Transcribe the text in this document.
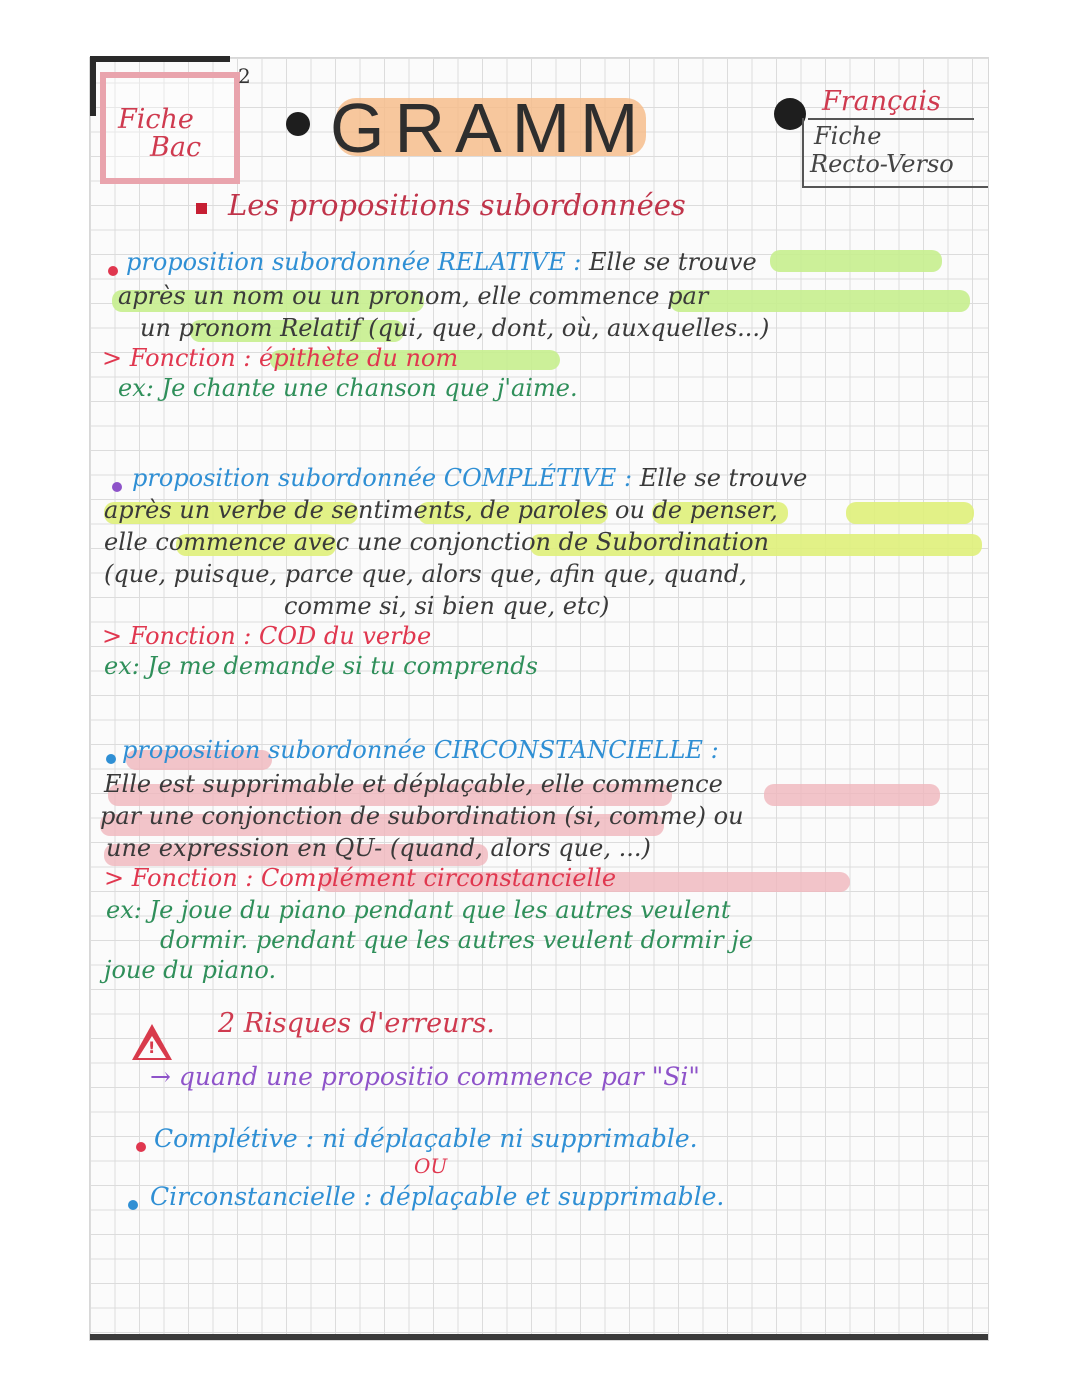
Fiche
Bac
2
GRAMM	Français
Fiche
Recto-Verso
Les propositions subordonnées
proposition subordonnée RELATIVE : Elle se trouve
après un nom ou un pronom, elle commence par
un pronom Relatif (qui, que, dont, où, auxquelles...)
> Fonction : épithète du nom
ex: Je chante une chanson que j'aime.
proposition subordonnée COMPLÉTIVE : Elle se trouve
après un verbe de sentiments, de paroles ou de penser,
elle commence avec une conjonction de Subordination
(que, puisque, parce que, alors que, afin que, quand,
comme si, si bien que, etc)
> Fonction : COD du verbe
ex: Je me demande si tu comprends
proposition subordonnée CIRCONSTANCIELLE :
Elle est supprimable et déplaçable, elle commence
par une conjonction de subordination (si, comme) ou
une expression en QU- (quand, alors que, ...)
> Fonction : Complément circonstancielle
ex: Je joue du piano pendant que les autres veulent
dormir. pendant que les autres veulent dormir je
joue du piano.
!
2 Risques d'erreurs.
→ quand une propositio commence par "Si"
Complétive : ni déplaçable ni supprimable.
OU
Circonstancielle : déplaçable et supprimable.
